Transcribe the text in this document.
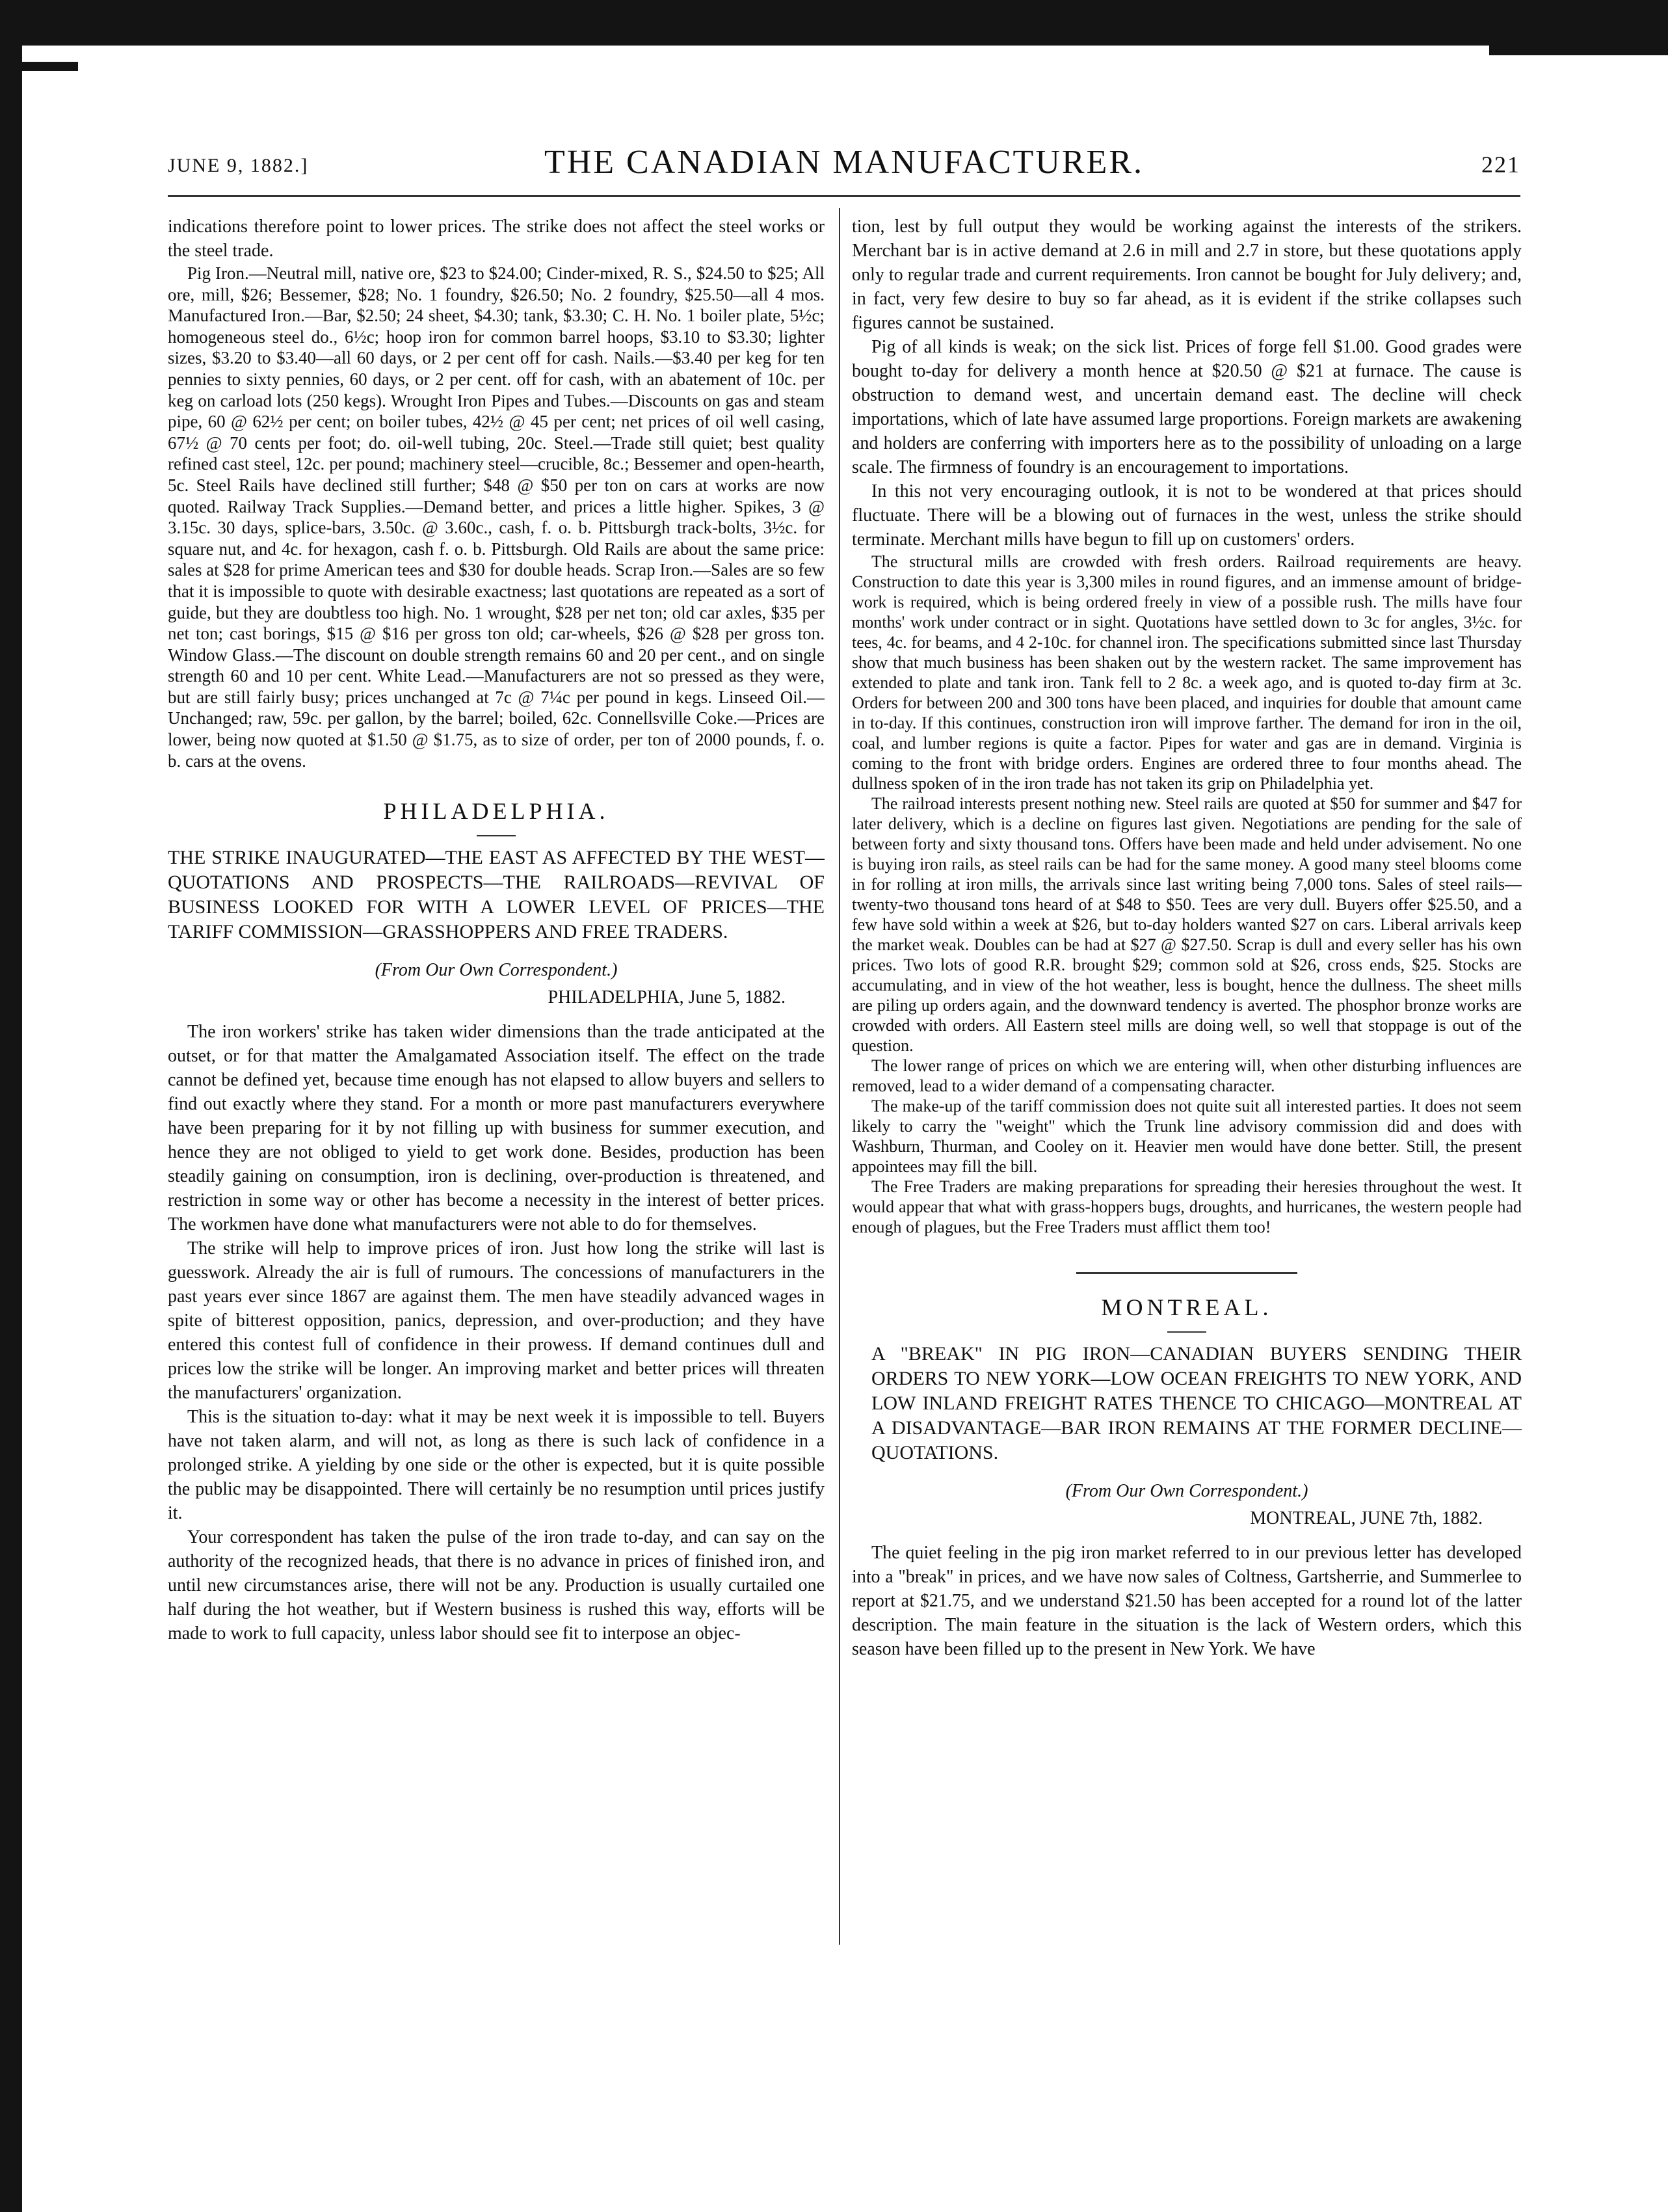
JUNE 9, 1882.]	THE CANADIAN MANUFACTURER.	221

indications therefore point to lower prices. The strike does not affect the steel works or the steel trade.

Pig Iron.—Neutral mill, native ore, $23 to $24.00; Cinder-mixed, R. S., $24.50 to $25; All ore, mill, $26; Bessemer, $28; No. 1 foundry, $26.50; No. 2 foundry, $25.50—all 4 mos. Manufactured Iron.—Bar, $2.50; 24 sheet, $4.30; tank, $3.30; C. H. No. 1 boiler plate, 5½c; homogeneous steel do., 6½c; hoop iron for common barrel hoops, $3.10 to $3.30; lighter sizes, $3.20 to $3.40—all 60 days, or 2 per cent off for cash. Nails.—$3.40 per keg for ten pennies to sixty pennies, 60 days, or 2 per cent. off for cash, with an abatement of 10c. per keg on carload lots (250 kegs). Wrought Iron Pipes and Tubes.—Discounts on gas and steam pipe, 60 @ 62½ per cent; on boiler tubes, 42½ @ 45 per cent; net prices of oil well casing, 67½ @ 70 cents per foot; do. oil-well tubing, 20c. Steel.—Trade still quiet; best quality refined cast steel, 12c. per pound; machinery steel—crucible, 8c.; Bessemer and open-hearth, 5c. Steel Rails have declined still further; $48 @ $50 per ton on cars at works are now quoted. Railway Track Supplies.—Demand better, and prices a little higher. Spikes, 3 @ 3.15c. 30 days, splice-bars, 3.50c. @ 3.60c., cash, f. o. b. Pittsburgh track-bolts, 3½c. for square nut, and 4c. for hexagon, cash f. o. b. Pittsburgh. Old Rails are about the same price: sales at $28 for prime American tees and $30 for double heads. Scrap Iron.—Sales are so few that it is impossible to quote with desirable exactness; last quotations are repeated as a sort of guide, but they are doubtless too high. No. 1 wrought, $28 per net ton; old car axles, $35 per net ton; cast borings, $15 @ $16 per gross ton old; car-wheels, $26 @ $28 per gross ton. Window Glass.—The discount on double strength remains 60 and 20 per cent., and on single strength 60 and 10 per cent. White Lead.—Manufacturers are not so pressed as they were, but are still fairly busy; prices unchanged at 7c @ 7¼c per pound in kegs. Linseed Oil.—Unchanged; raw, 59c. per gallon, by the barrel; boiled, 62c. Connellsville Coke.—Prices are lower, being now quoted at $1.50 @ $1.75, as to size of order, per ton of 2000 pounds, f. o. b. cars at the ovens.

PHILADELPHIA.
THE STRIKE INAUGURATED—THE EAST AS AFFECTED BY THE WEST—QUOTATIONS AND PROSPECTS—THE RAILROADS—REVIVAL OF BUSINESS LOOKED FOR WITH A LOWER LEVEL OF PRICES—THE TARIFF COMMISSION—GRASSHOPPERS AND FREE TRADERS.
(From Our Own Correspondent.)
PHILADELPHIA, June 5, 1882.

The iron workers' strike has taken wider dimensions than the trade anticipated at the outset, or for that matter the Amalgamated Association itself. The effect on the trade cannot be defined yet, because time enough has not elapsed to allow buyers and sellers to find out exactly where they stand. For a month or more past manufacturers everywhere have been preparing for it by not filling up with business for summer execution, and hence they are not obliged to yield to get work done. Besides, production has been steadily gaining on consumption, iron is declining, over-production is threatened, and restriction in some way or other has become a necessity in the interest of better prices. The workmen have done what manufacturers were not able to do for themselves.

The strike will help to improve prices of iron. Just how long the strike will last is guesswork. Already the air is full of rumours. The concessions of manufacturers in the past years ever since 1867 are against them. The men have steadily advanced wages in spite of bitterest opposition, panics, depression, and over-production; and they have entered this contest full of confidence in their prowess. If demand continues dull and prices low the strike will be longer. An improving market and better prices will threaten the manufacturers' organization.

This is the situation to-day: what it may be next week it is impossible to tell. Buyers have not taken alarm, and will not, as long as there is such lack of confidence in a prolonged strike. A yielding by one side or the other is expected, but it is quite possible the public may be disappointed. There will certainly be no resumption until prices justify it.

Your correspondent has taken the pulse of the iron trade to-day, and can say on the authority of the recognized heads, that there is no advance in prices of finished iron, and until new circumstances arise, there will not be any. Production is usually curtailed one half during the hot weather, but if Western business is rushed this way, efforts will be made to work to full capacity, unless labor should see fit to interpose an objec-

tion, lest by full output they would be working against the interests of the strikers. Merchant bar is in active demand at 2.6 in mill and 2.7 in store, but these quotations apply only to regular trade and current requirements. Iron cannot be bought for July delivery; and, in fact, very few desire to buy so far ahead, as it is evident if the strike collapses such figures cannot be sustained.

Pig of all kinds is weak; on the sick list. Prices of forge fell $1.00. Good grades were bought to-day for delivery a month hence at $20.50 @ $21 at furnace. The cause is obstruction to demand west, and uncertain demand east. The decline will check importations, which of late have assumed large proportions. Foreign markets are awakening and holders are conferring with importers here as to the possibility of unloading on a large scale. The firmness of foundry is an encouragement to importations.

In this not very encouraging outlook, it is not to be wondered at that prices should fluctuate. There will be a blowing out of furnaces in the west, unless the strike should terminate. Merchant mills have begun to fill up on customers' orders.

The structural mills are crowded with fresh orders. Railroad requirements are heavy. Construction to date this year is 3,300 miles in round figures, and an immense amount of bridge-work is required, which is being ordered freely in view of a possible rush. The mills have four months' work under contract or in sight. Quotations have settled down to 3c for angles, 3½c. for tees, 4c. for beams, and 4 2-10c. for channel iron. The specifications submitted since last Thursday show that much business has been shaken out by the western racket. The same improvement has extended to plate and tank iron. Tank fell to 2 8c. a week ago, and is quoted to-day firm at 3c. Orders for between 200 and 300 tons have been placed, and inquiries for double that amount came in to-day. If this continues, construction iron will improve farther. The demand for iron in the oil, coal, and lumber regions is quite a factor. Pipes for water and gas are in demand. Virginia is coming to the front with bridge orders. Engines are ordered three to four months ahead. The dullness spoken of in the iron trade has not taken its grip on Philadelphia yet.

The railroad interests present nothing new. Steel rails are quoted at $50 for summer and $47 for later delivery, which is a decline on figures last given. Negotiations are pending for the sale of between forty and sixty thousand tons. Offers have been made and held under advisement. No one is buying iron rails, as steel rails can be had for the same money. A good many steel blooms come in for rolling at iron mills, the arrivals since last writing being 7,000 tons. Sales of steel rails—twenty-two thousand tons heard of at $48 to $50. Tees are very dull. Buyers offer $25.50, and a few have sold within a week at $26, but to-day holders wanted $27 on cars. Liberal arrivals keep the market weak. Doubles can be had at $27 @ $27.50. Scrap is dull and every seller has his own prices. Two lots of good R.R. brought $29; common sold at $26, cross ends, $25. Stocks are accumulating, and in view of the hot weather, less is bought, hence the dullness. The sheet mills are piling up orders again, and the downward tendency is averted. The phosphor bronze works are crowded with orders. All Eastern steel mills are doing well, so well that stoppage is out of the question.

The lower range of prices on which we are entering will, when other disturbing influences are removed, lead to a wider demand of a compensating character.

The make-up of the tariff commission does not quite suit all interested parties. It does not seem likely to carry the "weight" which the Trunk line advisory commission did and does with Washburn, Thurman, and Cooley on it. Heavier men would have done better. Still, the present appointees may fill the bill.

The Free Traders are making preparations for spreading their heresies throughout the west. It would appear that what with grass-hoppers bugs, droughts, and hurricanes, the western people had enough of plagues, but the Free Traders must afflict them too!

MONTREAL.
A "BREAK" IN PIG IRON—CANADIAN BUYERS SENDING THEIR ORDERS TO NEW YORK—LOW OCEAN FREIGHTS TO NEW YORK, AND LOW INLAND FREIGHT RATES THENCE TO CHICAGO—MONTREAL AT A DISADVANTAGE—BAR IRON REMAINS AT THE FORMER DECLINE—QUOTATIONS.
(From Our Own Correspondent.)
MONTREAL, JUNE 7th, 1882.

The quiet feeling in the pig iron market referred to in our previous letter has developed into a "break" in prices, and we have now sales of Coltness, Gartsherrie, and Summerlee to report at $21.75, and we understand $21.50 has been accepted for a round lot of the latter description. The main feature in the situation is the lack of Western orders, which this season have been filled up to the present in New York. We have
